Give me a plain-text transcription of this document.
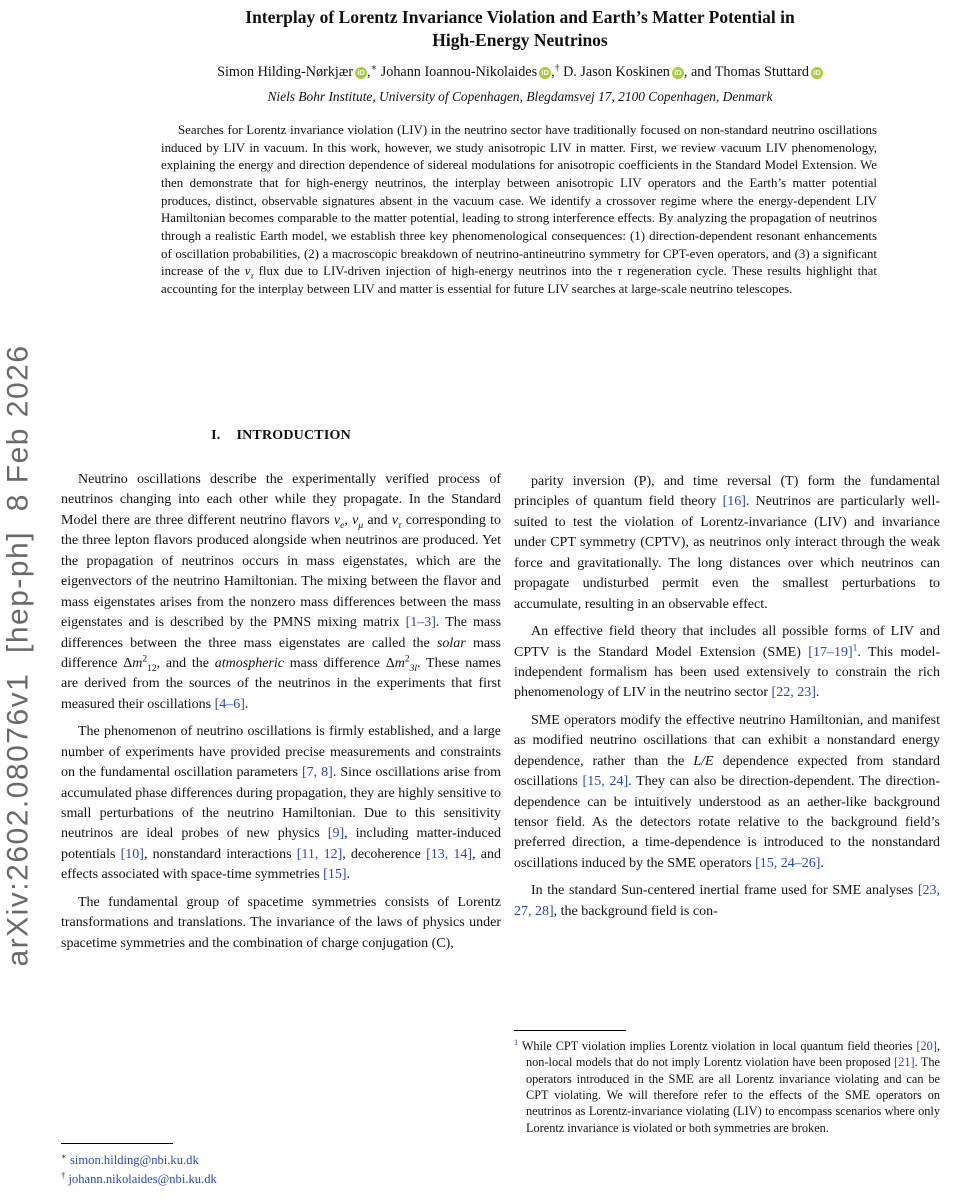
arXiv:2602.08076v1  [hep-ph]  8 Feb 2026
Interplay of Lorentz Invariance Violation and Earth’s Matter Potential in
High-Energy Neutrinos
Simon Hilding-Nørkjær iD ,∗ Johann Ioannou-Nikolaides iD ,† D. Jason Koskinen iD , and Thomas Stuttard iD
Niels Bohr Institute, University of Copenhagen, Blegdamsvej 17, 2100 Copenhagen, Denmark
Searches for Lorentz invariance violation (LIV) in the neutrino sector have traditionally focused on non-standard neutrino oscillations induced by LIV in vacuum. In this work, however, we study anisotropic LIV in matter. First, we review vacuum LIV phenomenology, explaining the energy and direction dependence of sidereal modulations for anisotropic coefficients in the Standard Model Extension. We then demonstrate that for high-energy neutrinos, the interplay between anisotropic LIV operators and the Earth’s matter potential produces, distinct, observable signatures absent in the vacuum case. We identify a crossover regime where the energy-dependent LIV Hamiltonian becomes comparable to the matter potential, leading to strong interference effects. By analyzing the propagation of neutrinos through a realistic Earth model, we establish three key phenomenological consequences: (1) direction-dependent resonant enhancements of oscillation probabilities, (2) a macroscopic breakdown of neutrino-antineutrino symmetry for CPT-even operators, and (3) a significant increase of the $\nu_\tau$ flux due to LIV-driven injection of high-energy neutrinos into the τ regeneration cycle. These results highlight that accounting for the interplay between LIV and matter is essential for future LIV searches at large-scale neutrino telescopes.
I. INTRODUCTION

Neutrino oscillations describe the experimentally verified process of neutrinos changing into each other while they propagate. In the Standard Model there are three different neutrino flavors $\nu_e$, $\nu_\mu$ and $\nu_\tau$ corresponding to the three lepton flavors produced alongside when neutrinos are produced. Yet the propagation of neutrinos occurs in mass eigenstates, which are the eigenvectors of the neutrino Hamiltonian. The mixing between the flavor and mass eigenstates arises from the nonzero mass differences between the mass eigenstates and is described by the PMNS mixing matrix [1–3]. The mass differences between the three mass eigenstates are called the solar mass difference $\Delta m^2_{12}$, and the atmospheric mass difference $\Delta m^2_{3l}$. These names are derived from the sources of the neutrinos in the experiments that first measured their oscillations [4–6].

The phenomenon of neutrino oscillations is firmly established, and a large number of experiments have provided precise measurements and constraints on the fundamental oscillation parameters [7, 8]. Since oscillations arise from accumulated phase differences during propagation, they are highly sensitive to small perturbations of the neutrino Hamiltonian. Due to this sensitivity neutrinos are ideal probes of new physics [9], including matter-induced potentials [10], nonstandard interactions [11, 12], decoherence [13, 14], and effects associated with space-time symmetries [15].

The fundamental group of spacetime symmetries consists of Lorentz transformations and translations. The invariance of the laws of physics under spacetime symmetries and the combination of charge conjugation (C),

parity inversion (P), and time reversal (T) form the fundamental principles of quantum field theory [16]. Neutrinos are particularly well-suited to test the violation of Lorentz-invariance (LIV) and invariance under CPT symmetry (CPTV), as neutrinos only interact through the weak force and gravitationally. The long distances over which neutrinos can propagate undisturbed permit even the smallest perturbations to accumulate, resulting in an observable effect.

An effective field theory that includes all possible forms of LIV and CPTV is the Standard Model Extension (SME) $[17-19]^1$. This model-independent formalism has been used extensively to constrain the rich phenomenology of LIV in the neutrino sector [22, 23].

SME operators modify the effective neutrino Hamiltonian, and manifest as modified neutrino oscillations that can exhibit a nonstandard energy dependence, rather than the L/E dependence expected from standard oscillations [15, 24]. They can also be direction-dependent. The direction-dependence can be intuitively understood as an aether-like background tensor field. As the detectors rotate relative to the background field’s preferred direction, a time-dependence is introduced to the nonstandard oscillations induced by the SME operators [15, 24–26].

In the standard Sun-centered inertial frame used for SME analyses [23, 27, 28], the background field is con-

∗ simon.hilding@nbi.ku.dk
† johann.nikolaides@nbi.ku.dk
$^1$ While CPT violation implies Lorentz violation in local quantum field theories [20], non-local models that do not imply Lorentz violation have been proposed [21]. The operators introduced in the SME are all Lorentz invariance violating and can be CPT violating. We will therefore refer to the effects of the SME operators on neutrinos as Lorentz-invariance violating (LIV) to encompass scenarios where only Lorentz invariance is violated or both symmetries are broken.
